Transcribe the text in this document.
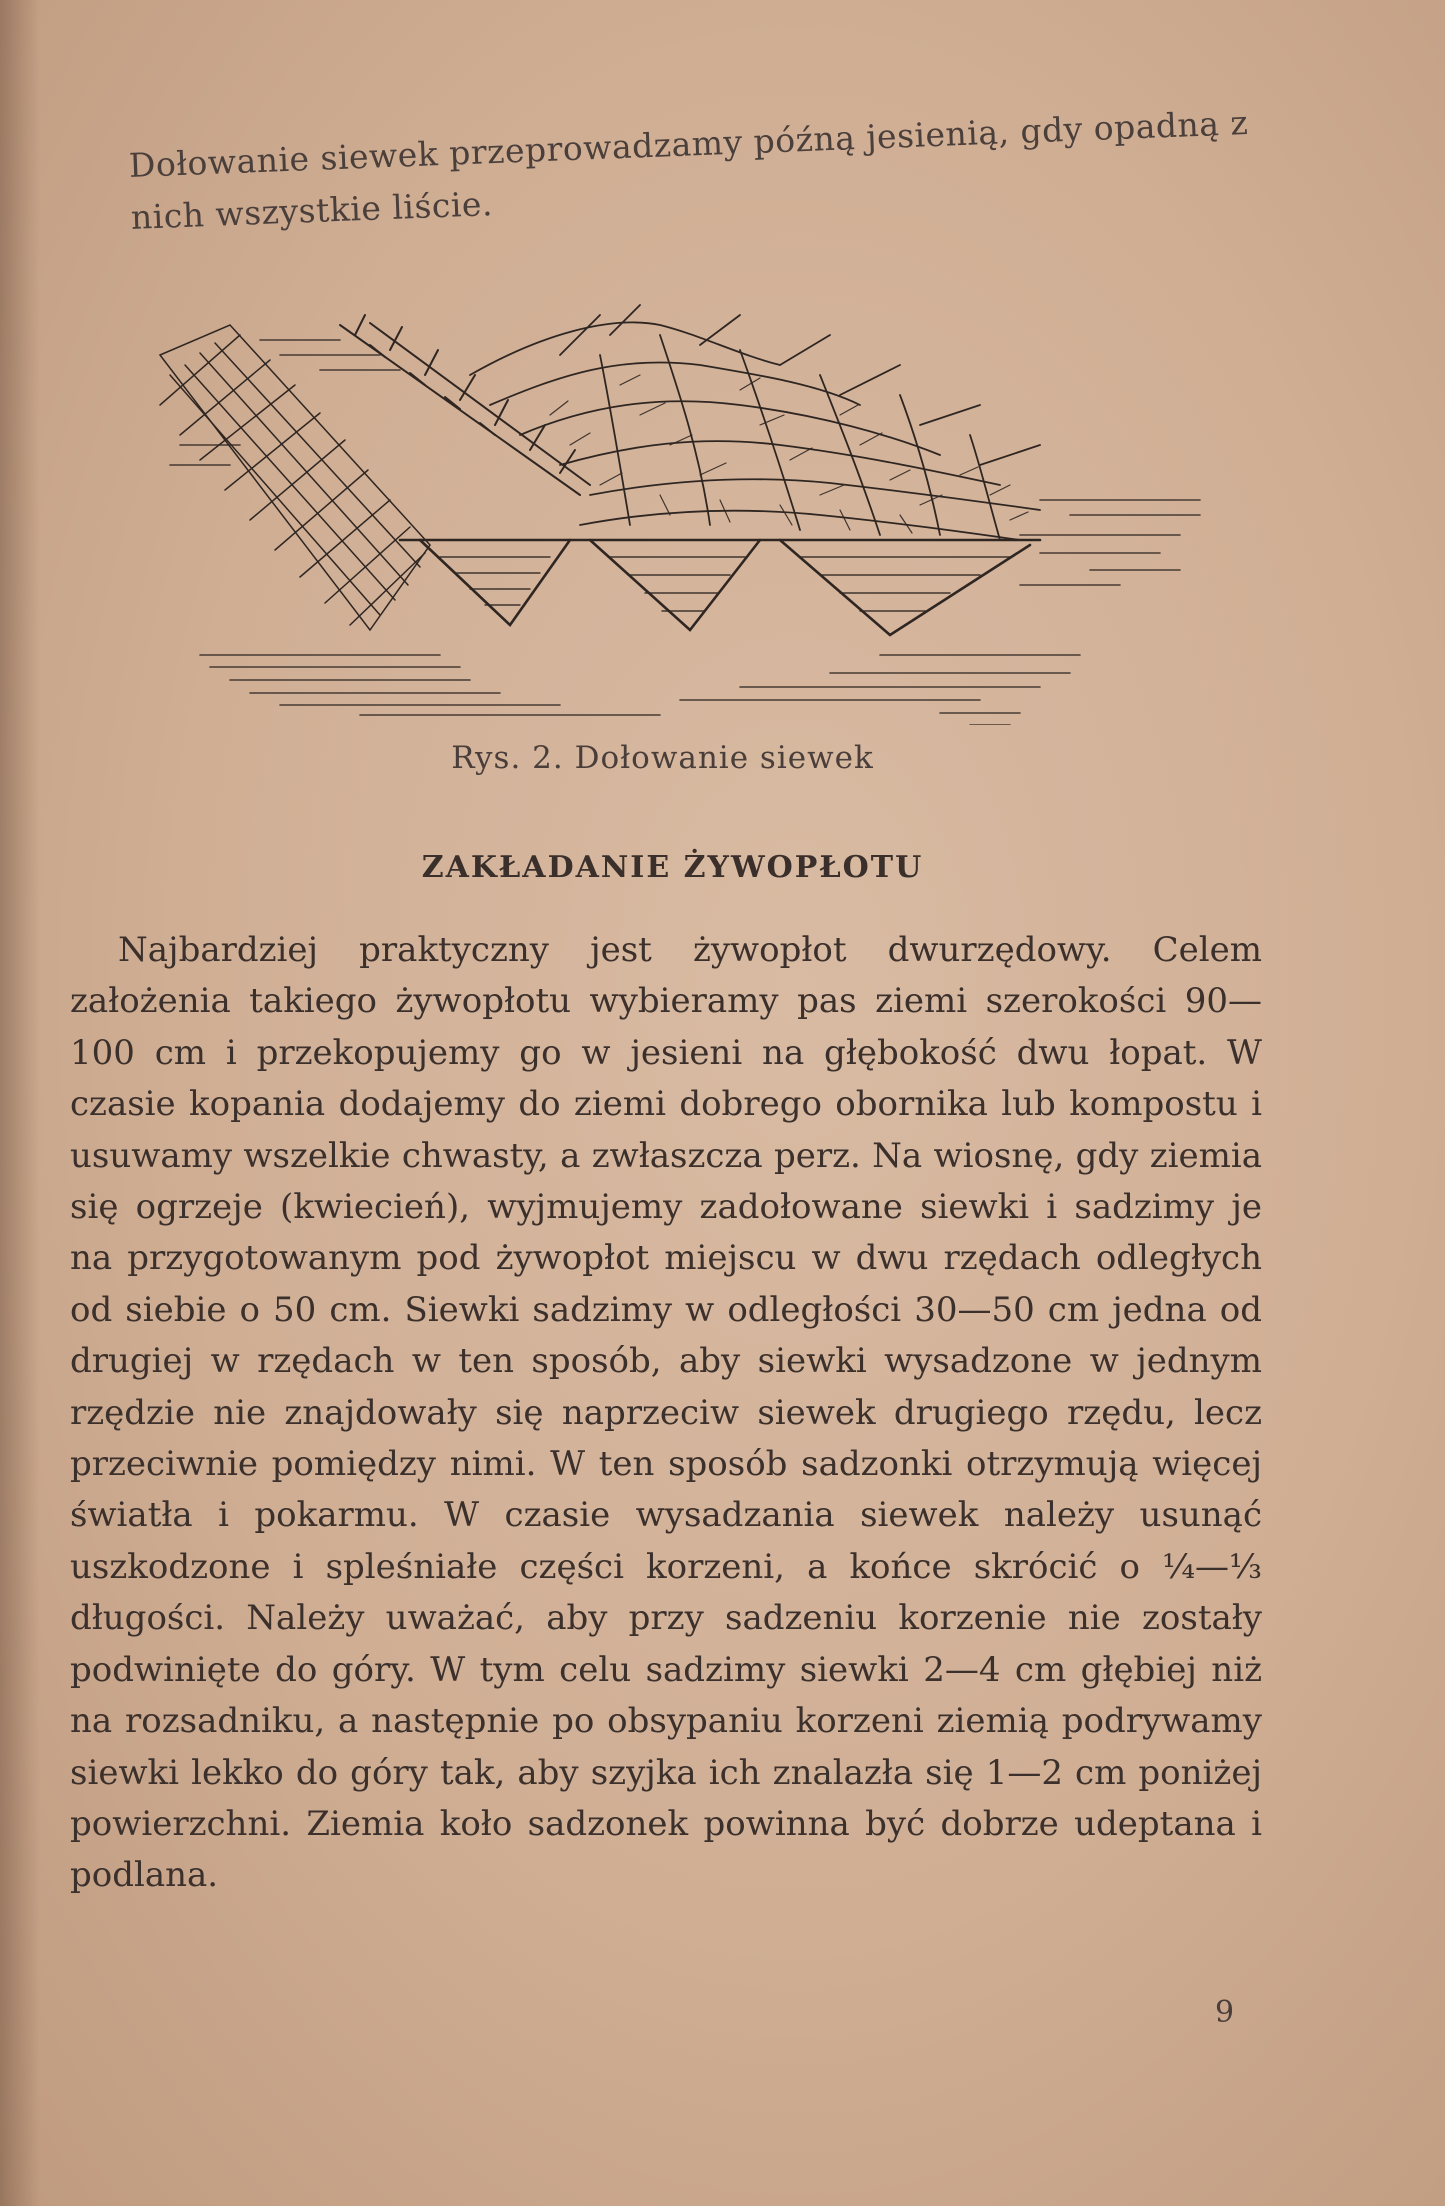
Dołowanie siewek przeprowadzamy późną jesienią, gdy opadną z nich wszystkie liście.

Rys. 2. Dołowanie siewek
ZAKŁADANIE ŻYWOPŁOTU

Najbardziej praktyczny jest żywopłot dwurzędowy. Celem założenia takiego żywopłotu wybieramy pas ziemi szerokości 90—100 cm i przekopujemy go w jesieni na głębokość dwu łopat. W czasie kopania dodajemy do ziemi dobrego obornika lub kompostu i usuwamy wszelkie chwasty, a zwłaszcza perz. Na wiosnę, gdy ziemia się ogrzeje (kwiecień), wyjmujemy zadołowane siewki i sadzimy je na przygotowanym pod żywopłot miejscu w dwu rzędach odległych od siebie o 50 cm. Siewki sadzimy w odległości 30—50 cm jedna od drugiej w rzędach w ten sposób, aby siewki wysadzone w jednym rzędzie nie znajdowały się naprzeciw siewek drugiego rzędu, lecz przeciwnie pomiędzy nimi. W ten sposób sadzonki otrzymują więcej światła i pokarmu. W czasie wysadzania siewek należy usunąć uszkodzone i spleśniałe części korzeni, a końce skrócić o ¼—⅓ długości. Należy uważać, aby przy sadzeniu korzenie nie zostały podwinięte do góry. W tym celu sadzimy siewki 2—4 cm głębiej niż na rozsadniku, a następnie po obsypaniu korzeni ziemią podrywamy siewki lekko do góry tak, aby szyjka ich znalazła się 1—2 cm poniżej powierzchni. Ziemia koło sadzonek powinna być dobrze udeptana i podlana.

9
